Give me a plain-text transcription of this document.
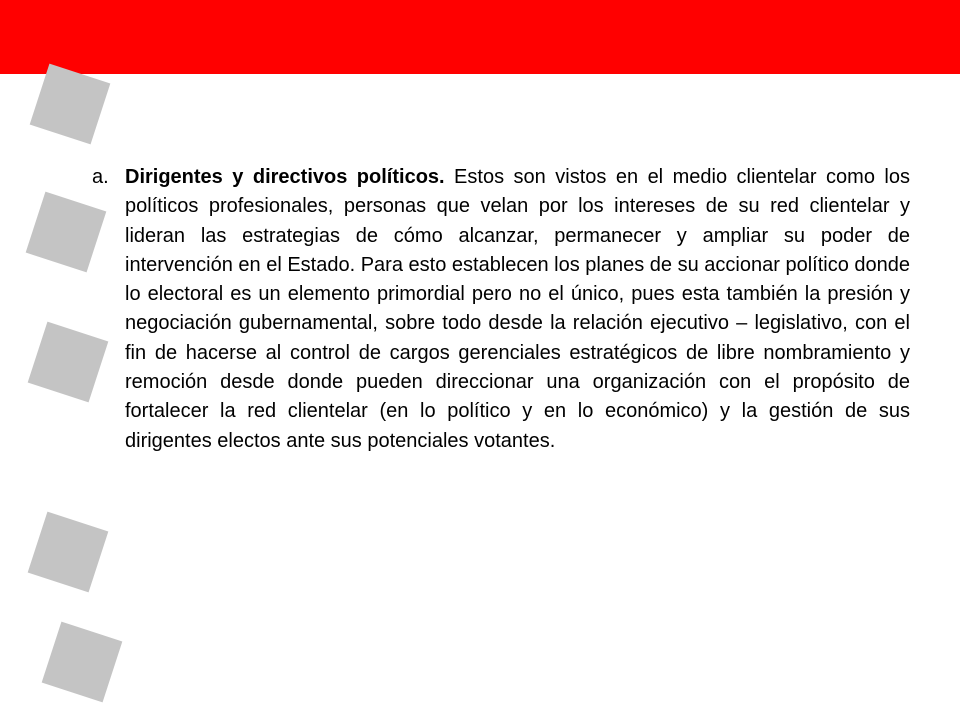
a. Dirigentes y directivos políticos. Estos son vistos en el medio clientelar como los políticos profesionales, personas que velan por los intereses de su red clientelar y lideran las estrategias de cómo alcanzar, permanecer y ampliar su poder de intervención en el Estado. Para esto establecen los planes de su accionar político donde lo electoral es un elemento primordial pero no el único, pues esta también la presión y negociación gubernamental, sobre todo desde la relación ejecutivo – legislativo, con el fin de hacerse al control de cargos gerenciales estratégicos de libre nombramiento y remoción desde donde pueden direccionar una organización con el propósito de fortalecer la red clientelar (en lo político y en lo económico) y la gestión de sus dirigentes electos ante sus potenciales votantes.
